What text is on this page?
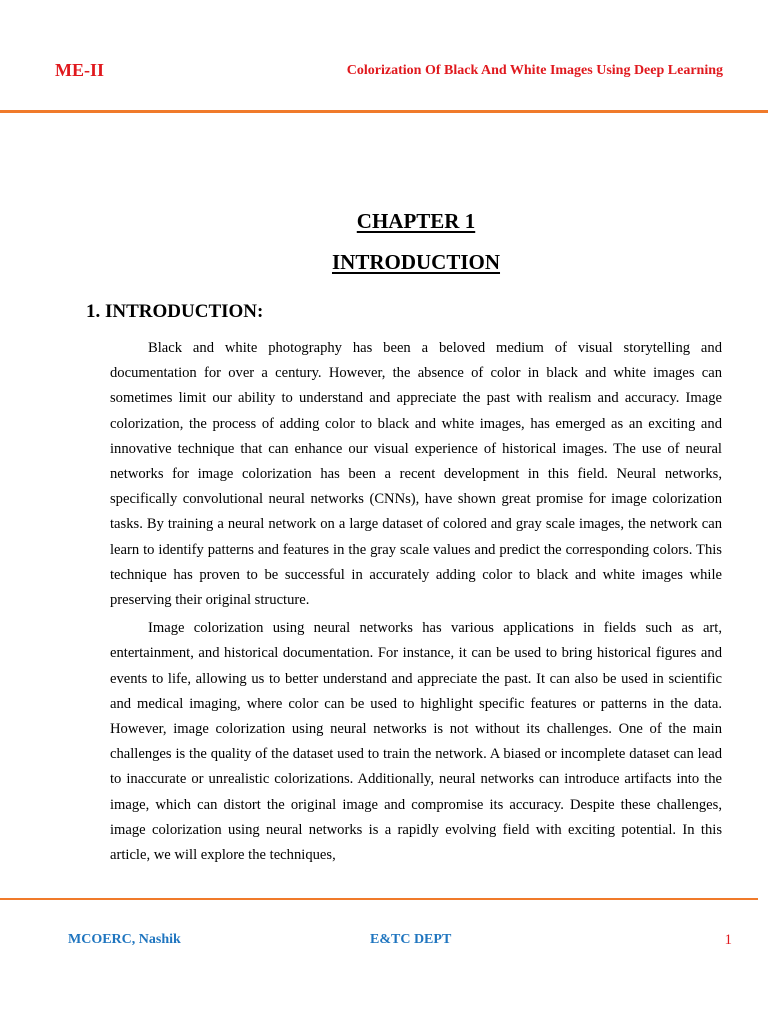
ME-II	Colorization Of Black And White Images Using Deep Learning
CHAPTER 1
INTRODUCTION
1. INTRODUCTION:

Black and white photography has been a beloved medium of visual storytelling and documentation for over a century. However, the absence of color in black and white images can sometimes limit our ability to understand and appreciate the past with realism and accuracy. Image colorization, the process of adding color to black and white images, has emerged as an exciting and innovative technique that can enhance our visual experience of historical images. The use of neural networks for image colorization has been a recent development in this field. Neural networks, specifically convolutional neural networks (CNNs), have shown great promise for image colorization tasks. By training a neural network on a large dataset of colored and gray scale images, the network can learn to identify patterns and features in the gray scale values and predict the corresponding colors. This technique has proven to be successful in accurately adding color to black and white images while preserving their original structure.

Image colorization using neural networks has various applications in fields such as art, entertainment, and historical documentation. For instance, it can be used to bring historical figures and events to life, allowing us to better understand and appreciate the past. It can also be used in scientific and medical imaging, where color can be used to highlight specific features or patterns in the data. However, image colorization using neural networks is not without its challenges. One of the main challenges is the quality of the dataset used to train the network. A biased or incomplete dataset can lead to inaccurate or unrealistic colorizations. Additionally, neural networks can introduce artifacts into the image, which can distort the original image and compromise its accuracy. Despite these challenges, image colorization using neural networks is a rapidly evolving field with exciting potential. In this article, we will explore the techniques,

MCOERC, Nashik	E&TC DEPT	1
